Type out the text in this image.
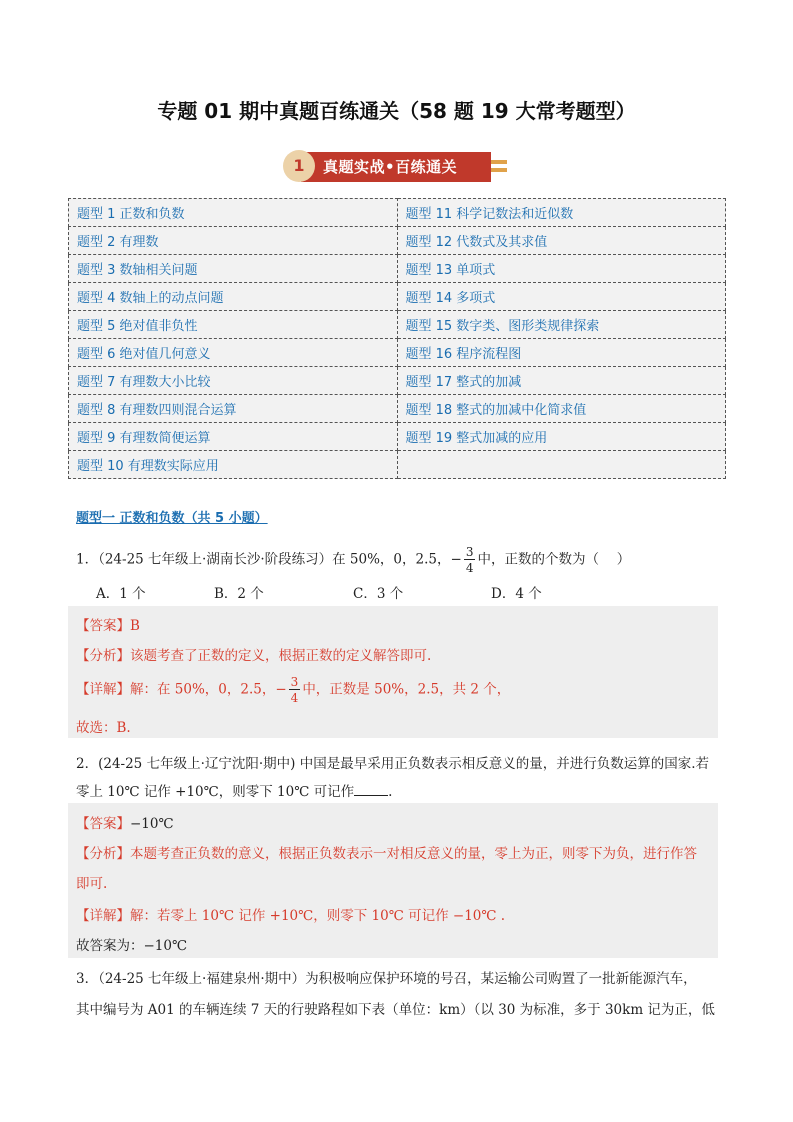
专题 01 期中真题百练通关（58 题 19 大常考题型）
1	真题实战•百练通关
题型 1 正数和负数	题型 11 科学记数法和近似数
题型 2 有理数	题型 12 代数式及其求值
题型 3 数轴相关问题	题型 13 单项式
题型 4 数轴上的动点问题	题型 14 多项式
题型 5 绝对值非负性	题型 15 数字类、图形类规律探索
题型 6 绝对值几何意义	题型 16 程序流程图
题型 7 有理数大小比较	题型 17 整式的加减
题型 8 有理数四则混合运算	题型 18 整式的加减中化简求值
题型 9 有理数简便运算	题型 19 整式加减的应用
题型 10 有理数实际应用	
题型一 正数和负数（共 5 小题）
1．（24-25 七年级上·湖南长沙·阶段练习）在 50%，0，2.5，− $\frac{3}{4}$ 中，正数的个数为（　 ）
A．1 个	B．2 个	C．3 个	D．4 个
【答案】B
【分析】该题考查了正数的定义，根据正数的定义解答即可.
【详解】解：在 50%，0，2.5，− $\frac{3}{4}$ 中，正数是 50%，2.5，共 2 个，
故选：B.
2．(24-25 七年级上·辽宁沈阳·期中) 中国是最早采用正负数表示相反意义的量，并进行负数运算的国家.若
零上 10℃ 记作 +10℃，则零下 10℃ 可记作	.
【答案】−10℃
【分析】本题考查正负数的意义，根据正负数表示一对相反意义的量，零上为正，则零下为负，进行作答
即可.
【详解】解：若零上 10℃ 记作 +10℃，则零下 10℃ 可记作 −10℃ .
故答案为：−10℃
3．（24-25 七年级上·福建泉州·期中）为积极响应保护环境的号召，某运输公司购置了一批新能源汽车，
其中编号为 A01 的车辆连续 7 天的行驶路程如下表（单位：km）（以 30 为标准，多于 30km 记为正，低
